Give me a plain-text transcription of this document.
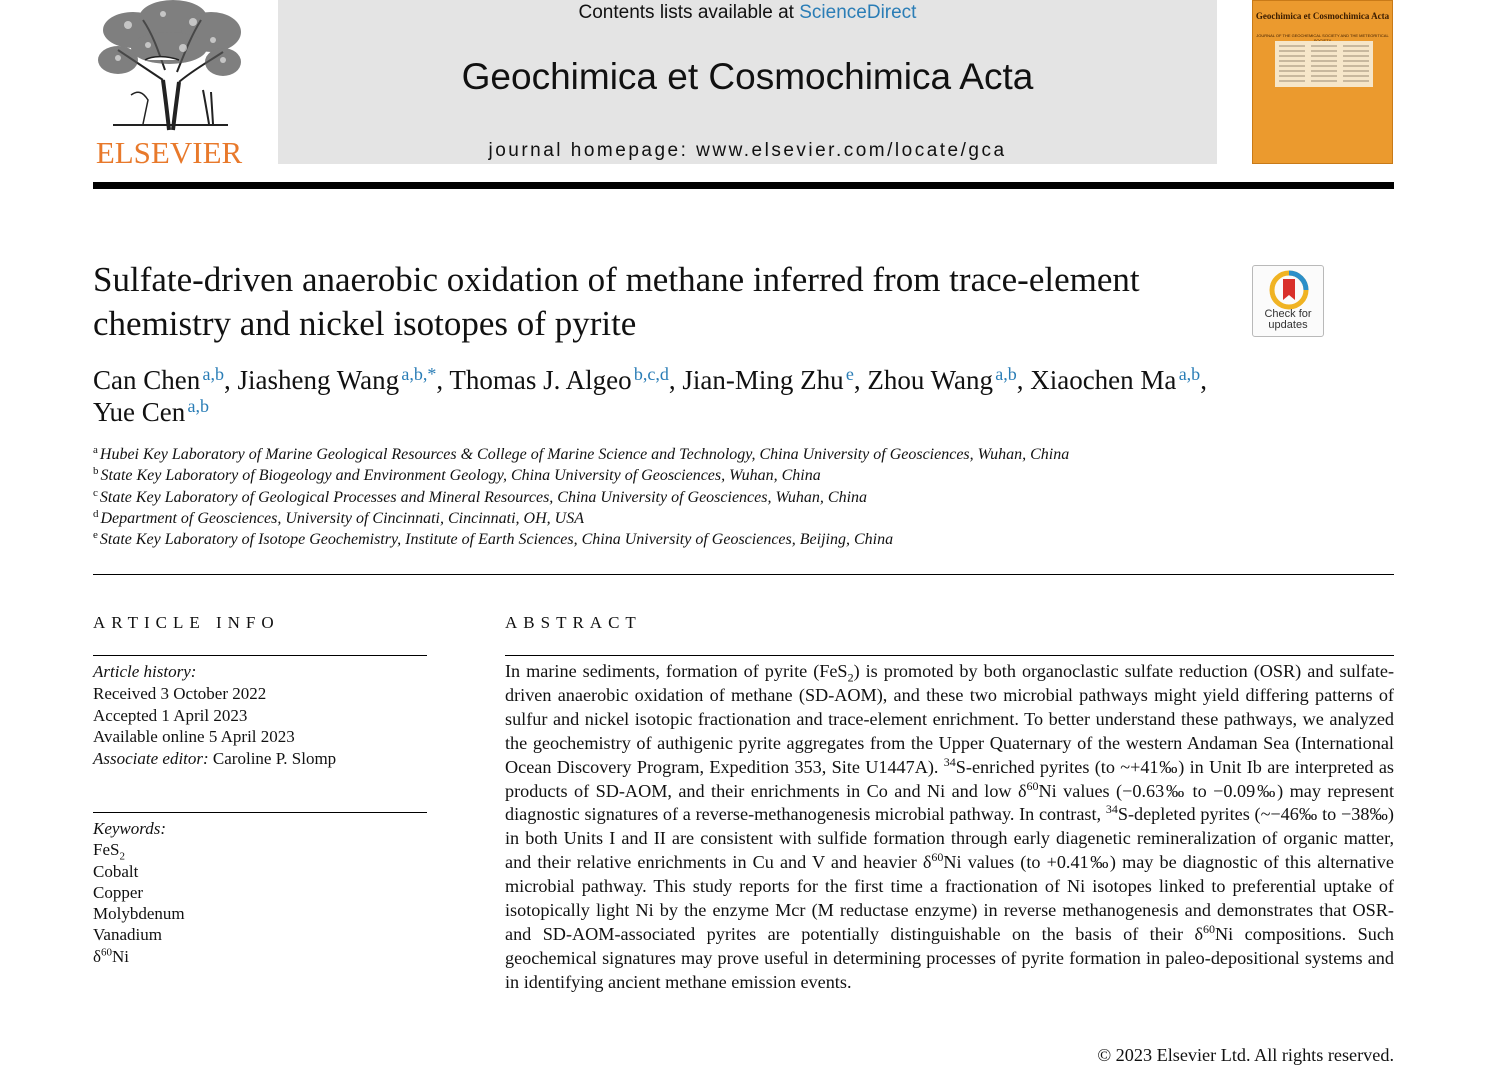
ELSEVIER
Contents lists available at ScienceDirect
Geochimica et Cosmochimica Acta
journal homepage: www.elsevier.com/locate/gca
Geochimica et Cosmochimica Acta
JOURNAL OF THE GEOCHEMICAL SOCIETY AND THE METEORITICAL
Sulfate-driven anaerobic oxidation of methane inferred from trace-element chemistry and nickel isotopes of pyrite	Check for updates
Can Chen  $^{a,b}$, Jiasheng Wang  $^{a,b,*}$, Thomas J. Algeo  $^{b,c,d}$, Jian-Ming Zhu  $^e$, Zhou Wang  $^{a,b}$, Xiaochen Ma  $^{a,b}$,
Yue Cen  $^{a,b}$
$^a$ Hubei Key Laboratory of Marine Geological Resources & College of Marine Science and Technology, China University of Geosciences, Wuhan, China
$^b$ State Key Laboratory of Biogeology and Environment Geology, China University of Geosciences, Wuhan, China
$^c$ State Key Laboratory of Geological Processes and Mineral Resources, China University of Geosciences, Wuhan, China
$^d$ Department of Geosciences, University of Cincinnati, Cincinnati, OH, USA
$^e$ State Key Laboratory of Isotope Geochemistry, Institute of Earth Sciences, China University of Geosciences, Beijing, China
ARTICLE INFO
Article history:
Received 3 October 2022
Accepted 1 April 2023
Available online 5 April 2023
Associate editor: Caroline P. Slomp
Keywords:
FeS$_2$
Cobalt
Copper
Molybdenum
Vanadium
$\delta^{60}Ni$
ABSTRACT
In marine sediments, formation of pyrite (FeS$_2$) is promoted by both organoclastic sulfate reduction (OSR) and sulfate-driven anaerobic oxidation of methane (SD-AOM), and these two microbial pathways might yield differing patterns of sulfur and nickel isotopic fractionation and trace-element enrichment. To better understand these pathways, we analyzed the geochemistry of authigenic pyrite aggregates from the Upper Quaternary of the western Andaman Sea (International Ocean Discovery Program, Expedition 353, Site U1447A). $^{34}$S-enriched pyrites (to ~+41‰) in Unit Ib are interpreted as products of SD-AOM, and their enrichments in Co and Ni and low $\delta^{60}Ni$ values (−0.63‰ to −0.09‰) may represent diagnostic signatures of a reverse-methanogenesis microbial pathway. In contrast, $^{34}$S-depleted pyrites (~−46‰ to −38‰) in both Units I and II are consistent with sulfide formation through early diagenetic remineralization of organic matter, and their relative enrichments in Cu and V and heavier $\delta^{60}Ni$ values (to +0.41‰) may be diagnostic of this alternative microbial pathway. This study reports for the first time a fractionation of Ni isotopes linked to preferential uptake of isotopically light Ni by the enzyme Mcr (M reductase enzyme) in reverse methanogenesis and demonstrates that OSR- and SD-AOM-associated pyrites are potentially distinguishable on the basis of their $\delta^{60}Ni$ compositions. Such geochemical signatures may prove useful in determining processes of pyrite formation in paleo-depositional systems and in identifying ancient methane emission events.
© 2023 Elsevier Ltd. All rights reserved.
